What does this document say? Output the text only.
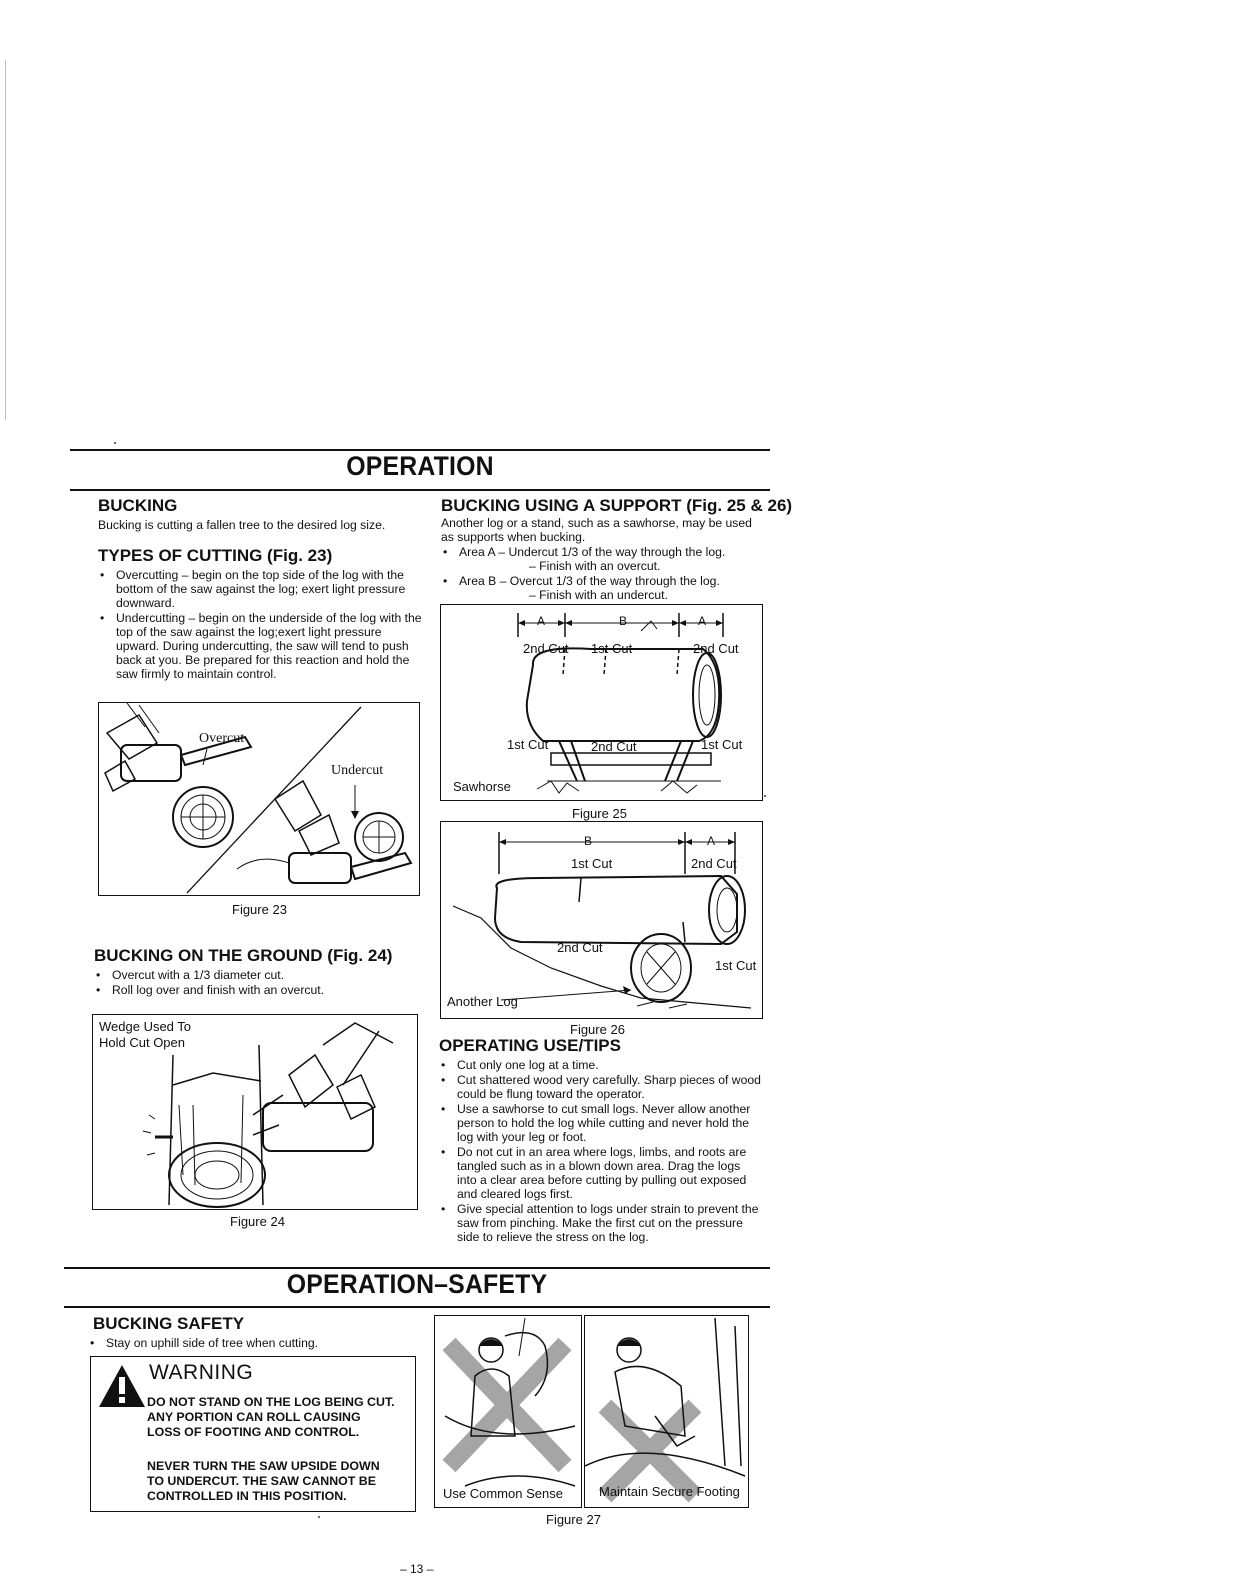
OPERATION
BUCKING
Bucking is cutting a fallen tree to the desired log size.
TYPES OF CUTTING (Fig. 23)
• Overcutting – begin on the top side of the log with the bottom of the saw against the log; exert light pressure downward.
• Undercutting – begin on the underside of the log with the top of the saw against the log;exert light pressure upward. During undercutting, the saw will tend to push back at you. Be prepared for this reaction and hold the saw firmly to maintain control.
Overcut
Undercut
Figure 23
BUCKING ON THE GROUND (Fig. 24)
• Overcut with a 1/3 diameter cut.
• Roll log over and finish with an overcut.
Wedge Used To
Hold Cut Open
Figure 24
BUCKING USING A SUPPORT (Fig. 25 & 26)
Another log or a stand, such as a sawhorse, may be used as supports when bucking.
• Area A – Undercut 1/3 of the way through the log.
– Finish with an overcut.
• Area B – Overcut 1/3 of the way through the log.
– Finish with an undercut.
A	B	A
2nd Cut 1st Cut	2nd Cut
1st Cut	2nd Cut	1st Cut
Sawhorse
Figure 25
B	A
1st Cut	2nd Cut
2nd Cut
1st Cut
Another Log
Figure 26
OPERATING USE/TIPS
• Cut only one log at a time.
• Cut shattered wood very carefully. Sharp pieces of wood could be flung toward the operator.
• Use a sawhorse to cut small logs. Never allow another person to hold the log while cutting and never hold the log with your leg or foot.
• Do not cut in an area where logs, limbs, and roots are tangled such as in a blown down area. Drag the logs into a clear area before cutting by pulling out exposed and cleared logs first.
• Give special attention to logs under strain to prevent the saw from pinching. Make the first cut on the pressure side to relieve the stress on the log.
OPERATION–SAFETY
BUCKING SAFETY
• Stay on uphill side of tree when cutting.
WARNING
DO NOT STAND ON THE LOG BEING CUT. ANY PORTION CAN ROLL CAUSING LOSS OF FOOTING AND CONTROL.
NEVER TURN THE SAW UPSIDE DOWN TO UNDERCUT. THE SAW CANNOT BE CONTROLLED IN THIS POSITION.	Use Common Sense	Maintain Secure Footing
Figure 27
– 13 –
